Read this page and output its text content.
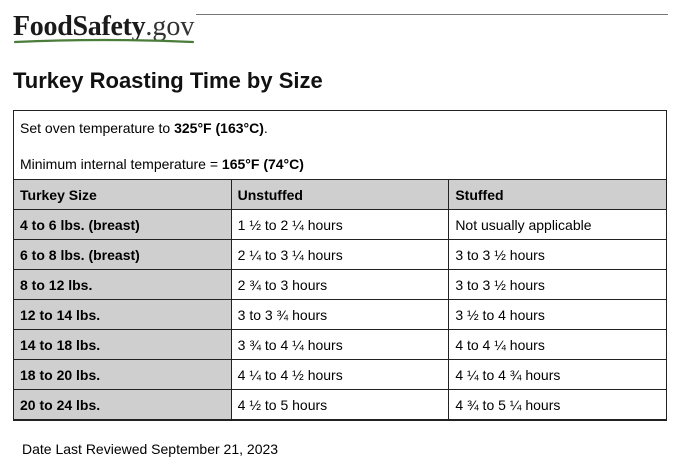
FoodSafety.gov
Turkey Roasting Time by Size

Set oven temperature to 325°F (163°C).

Minimum internal temperature = 165°F (74°C)

Turkey Size	Unstuffed	Stuffed
4 to 6 lbs. (breast)	1 ½ to 2 ¼ hours	Not usually applicable
6 to 8 lbs. (breast)	2 ¼ to 3 ¼ hours	3 to 3 ½ hours
8 to 12 lbs.	2 ¾ to 3 hours	3 to 3 ½ hours
12 to 14 lbs.	3 to 3 ¾ hours	3 ½ to 4 hours
14 to 18 lbs.	3 ¾ to 4 ¼ hours	4 to 4 ¼ hours
18 to 20 lbs.	4 ¼ to 4 ½ hours	4 ¼ to 4 ¾ hours
20 to 24 lbs.	4 ½ to 5 hours	4 ¾ to 5 ¼ hours

Date Last Reviewed September 21, 2023
